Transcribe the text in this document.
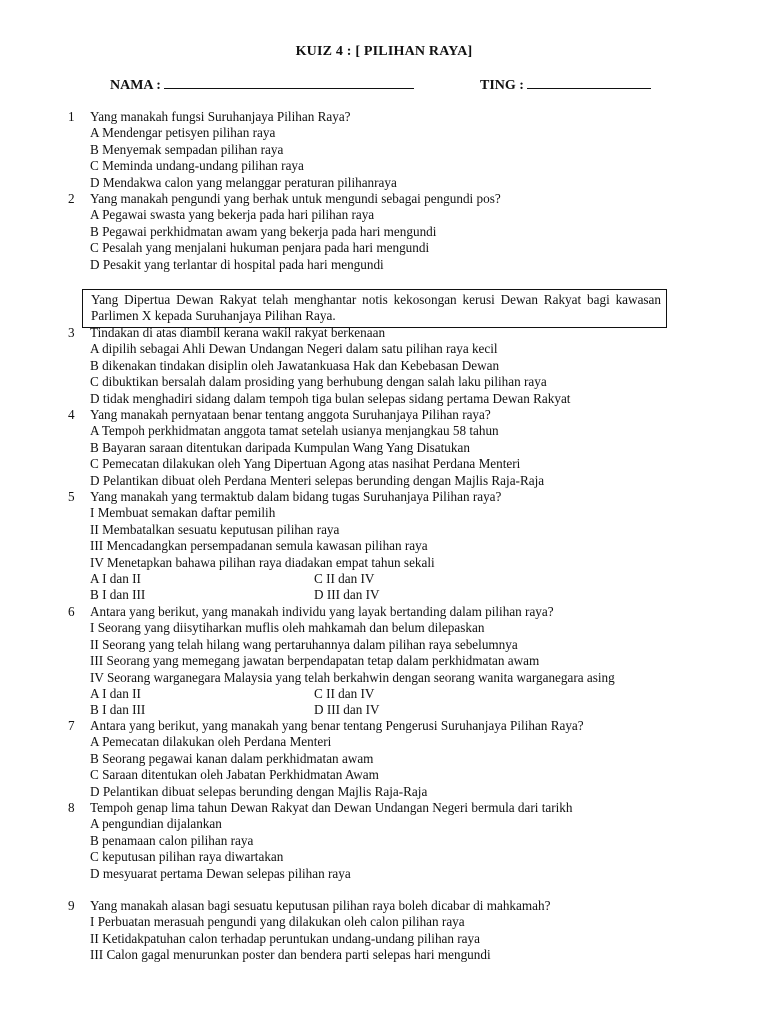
KUIZ 4 : [ PILIHAN RAYA]
NAMA :	TING :
1 Yang manakah fungsi Suruhanjaya Pilihan Raya?
A Mendengar petisyen pilihan raya
B Menyemak sempadan pilihan raya
C Meminda undang-undang pilihan raya
D Mendakwa calon yang melanggar peraturan pilihanraya
2 Yang manakah pengundi yang berhak untuk mengundi sebagai pengundi pos?
A Pegawai swasta yang bekerja pada hari pilihan raya
B Pegawai perkhidmatan awam yang bekerja pada hari mengundi
C Pesalah yang menjalani hukuman penjara pada hari mengundi
D Pesakit yang terlantar di hospital pada hari mengundi
Yang Dipertua Dewan Rakyat telah menghantar notis kekosongan kerusi Dewan Rakyat bagi kawasan Parlimen X kepada Suruhanjaya Pilihan Raya.
3 Tindakan di atas diambil kerana wakil rakyat berkenaan
A dipilih sebagai Ahli Dewan Undangan Negeri dalam satu pilihan raya kecil
B dikenakan tindakan disiplin oleh Jawatankuasa Hak dan Kebebasan Dewan
C dibuktikan bersalah dalam prosiding yang berhubung dengan salah laku pilihan raya
D tidak menghadiri sidang dalam tempoh tiga bulan selepas sidang pertama Dewan Rakyat
4 Yang manakah pernyataan benar tentang anggota Suruhanjaya Pilihan raya?
A Tempoh perkhidmatan anggota tamat setelah usianya menjangkau 58 tahun
B Bayaran saraan ditentukan daripada Kumpulan Wang Yang Disatukan
C Pemecatan dilakukan oleh Yang Dipertuan Agong atas nasihat Perdana Menteri
D Pelantikan dibuat oleh Perdana Menteri selepas berunding dengan Majlis Raja-Raja
5 Yang manakah yang termaktub dalam bidang tugas Suruhanjaya Pilihan raya?
I Membuat semakan daftar pemilih
II Membatalkan sesuatu keputusan pilihan raya
III Mencadangkan persempadanan semula kawasan pilihan raya
IV Menetapkan bahawa pilihan raya diadakan empat tahun sekali
A I dan II	C II dan IV
B I dan III	D III dan IV
6 Antara yang berikut, yang manakah individu yang layak bertanding dalam pilihan raya?
I Seorang yang diisytiharkan muflis oleh mahkamah dan belum dilepaskan
II Seorang yang telah hilang wang pertaruhannya dalam pilihan raya sebelumnya
III Seorang yang memegang jawatan berpendapatan tetap dalam perkhidmatan awam
IV Seorang warganegara Malaysia yang telah berkahwin dengan seorang wanita warganegara asing
A I dan II	C II dan IV
B I dan III	D III dan IV
7 Antara yang berikut, yang manakah yang benar tentang Pengerusi Suruhanjaya Pilihan Raya?
A Pemecatan dilakukan oleh Perdana Menteri
B Seorang pegawai kanan dalam perkhidmatan awam
C Saraan ditentukan oleh Jabatan Perkhidmatan Awam
D Pelantikan dibuat selepas berunding dengan Majlis Raja-Raja
8 Tempoh genap lima tahun Dewan Rakyat dan Dewan Undangan Negeri bermula dari tarikh
A pengundian dijalankan
B penamaan calon pilihan raya
C keputusan pilihan raya diwartakan
D mesyuarat pertama Dewan selepas pilihan raya
9 Yang manakah alasan bagi sesuatu keputusan pilihan raya boleh dicabar di mahkamah?
I Perbuatan merasuah pengundi yang dilakukan oleh calon pilihan raya
II Ketidakpatuhan calon terhadap peruntukan undang-undang pilihan raya
III Calon gagal menurunkan poster dan bendera parti selepas hari mengundi
